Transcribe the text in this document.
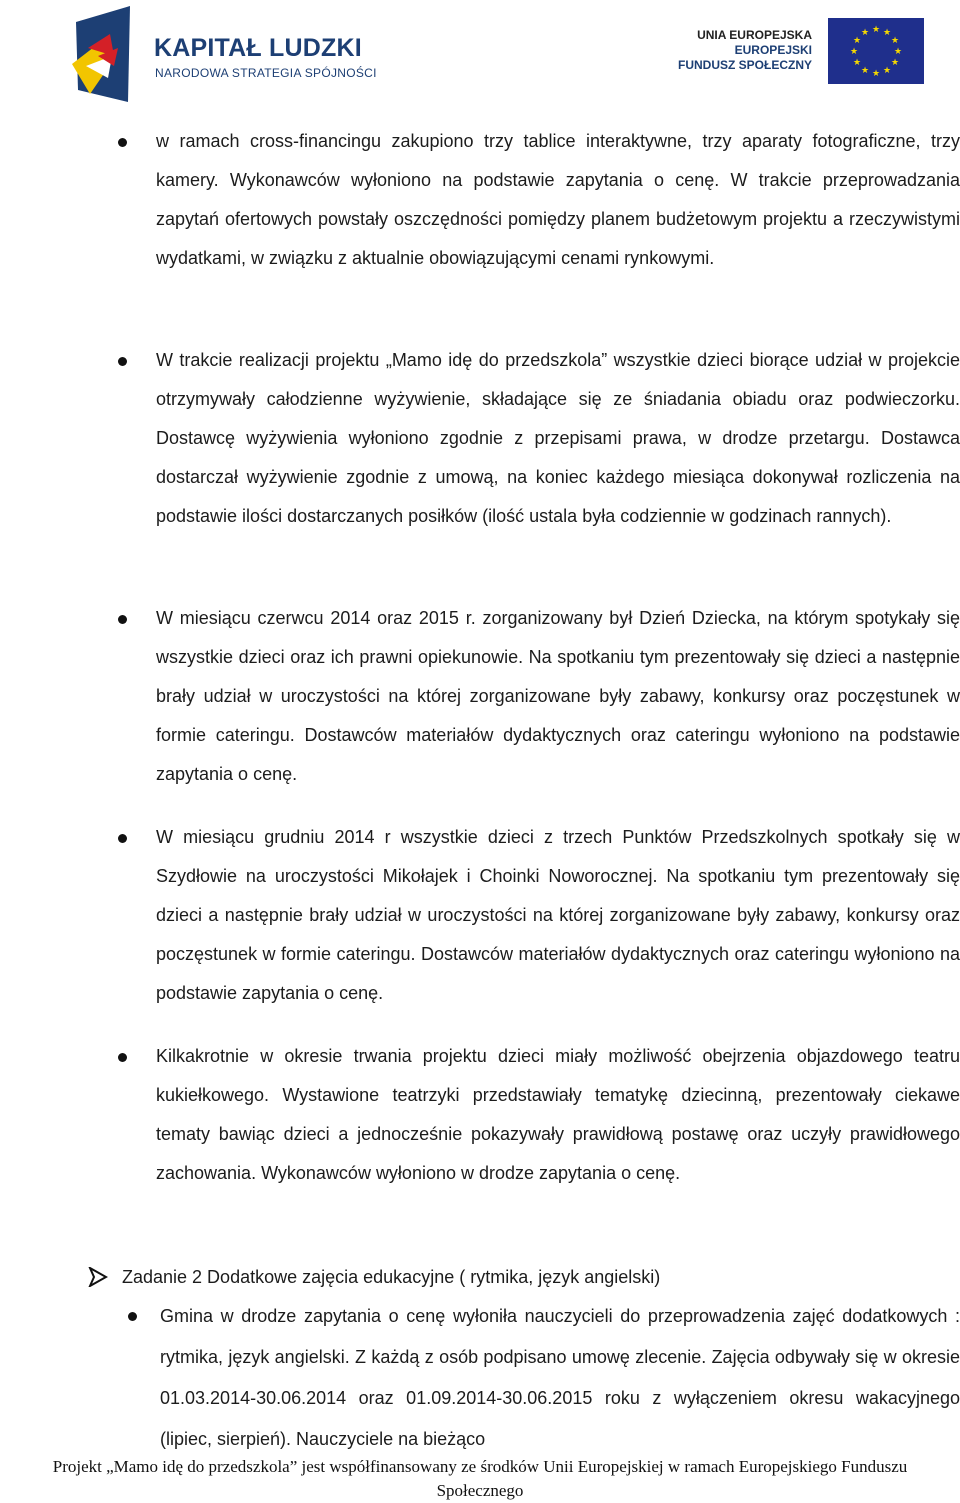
KAPITAŁ LUDZKI
NARODOWA STRATEGIA SPÓJNOŚCI
UNIA EUROPEJSKA
EUROPEJSKI
FUNDUSZ SPOŁECZNY
★ ★
★
★
★
★
★
★
★
★
★
★
w ramach cross-financingu zakupiono trzy tablice interaktywne, trzy aparaty fotograficzne, trzy kamery. Wykonawców wyłoniono na podstawie zapytania o cenę. W trakcie przeprowadzania zapytań ofertowych powstały oszczędności pomiędzy planem budżetowym projektu a rzeczywistymi wydatkami, w związku z aktualnie obowiązującymi cenami rynkowymi.
W trakcie realizacji projektu „Mamo idę do przedszkola” wszystkie dzieci biorące udział w projekcie otrzymywały całodzienne wyżywienie, składające się ze śniadania obiadu oraz podwieczorku. Dostawcę wyżywienia wyłoniono zgodnie z przepisami prawa, w drodze przetargu. Dostawca dostarczał wyżywienie zgodnie z umową, na koniec każdego miesiąca dokonywał rozliczenia na podstawie ilości dostarczanych posiłków (ilość ustala była codziennie w godzinach rannych).
W miesiącu czerwcu 2014 oraz 2015 r. zorganizowany był Dzień Dziecka, na którym spotykały się wszystkie dzieci oraz ich prawni opiekunowie. Na spotkaniu tym prezentowały się dzieci a następnie brały udział w uroczystości na której zorganizowane były zabawy, konkursy oraz poczęstunek w formie cateringu. Dostawców materiałów dydaktycznych oraz cateringu wyłoniono na podstawie zapytania o cenę.
W miesiącu grudniu 2014 r wszystkie dzieci z trzech Punktów Przedszkolnych spotkały się w Szydłowie na uroczystości Mikołajek i Choinki Noworocznej. Na spotkaniu tym prezentowały się dzieci a następnie brały udział w uroczystości na której zorganizowane były zabawy, konkursy oraz poczęstunek w formie cateringu. Dostawców materiałów dydaktycznych oraz cateringu wyłoniono na podstawie zapytania o cenę.
Kilkakrotnie w okresie trwania projektu dzieci miały możliwość obejrzenia objazdowego teatru kukiełkowego. Wystawione teatrzyki przedstawiały tematykę dziecinną, prezentowały ciekawe tematy bawiąc dzieci a jednocześnie pokazywały prawidłową postawę oraz uczyły prawidłowego zachowania. Wykonawców wyłoniono w drodze zapytania o cenę.
Zadanie 2 Dodatkowe zajęcia edukacyjne ( rytmika, język angielski)
Gmina w drodze zapytania o cenę wyłoniła nauczycieli do przeprowadzenia zajęć dodatkowych : rytmika, język angielski. Z każdą z osób podpisano umowę zlecenie. Zajęcia odbywały się w okresie 01.03.2014-30.06.2014 oraz 01.09.2014-30.06.2015 roku z wyłączeniem okresu wakacyjnego (lipiec, sierpień). Nauczyciele na bieżąco
Projekt „Mamo idę do przedszkola” jest współfinansowany ze środków Unii Europejskiej w ramach Europejskiego Funduszu
Społecznego
